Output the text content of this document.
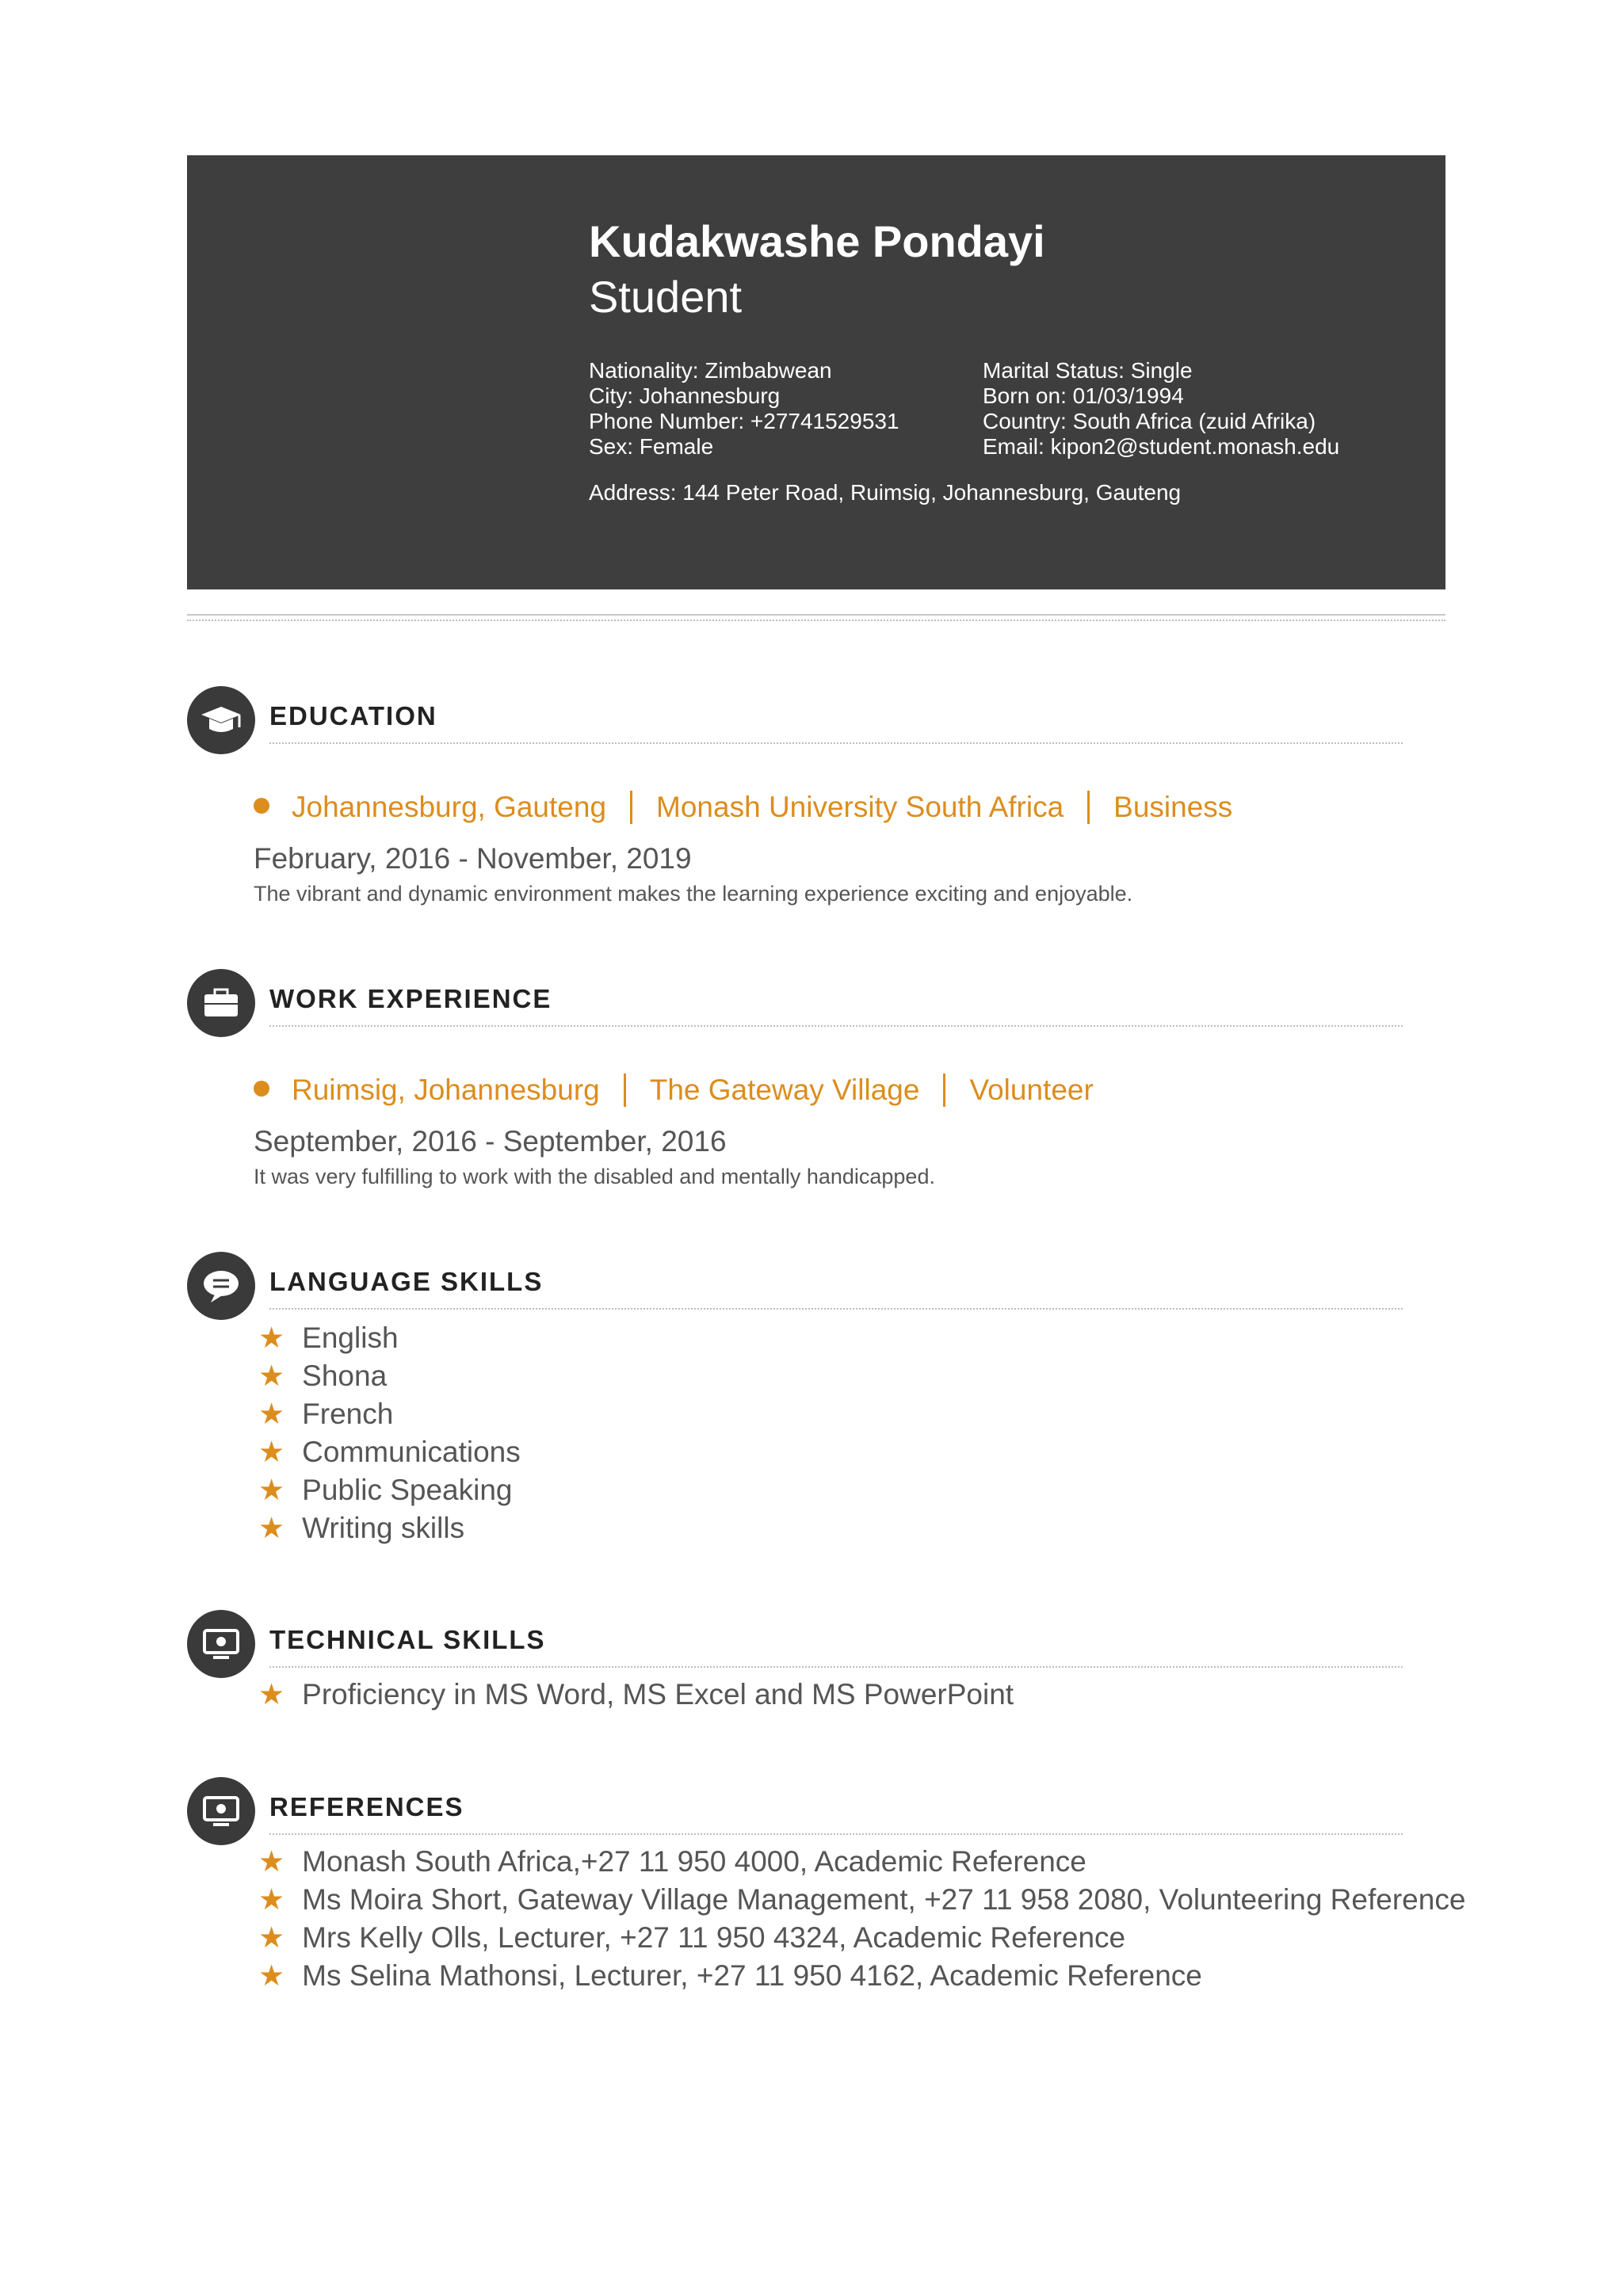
Kudakwashe Pondayi
Student
Nationality: Zimbabwean
City: Johannesburg
Phone Number: +27741529531
Sex: Female
Marital Status: Single
Born on: 01/03/1994
Country: South Africa (zuid Afrika)
Email: kipon2@student.monash.edu
Address: 144 Peter Road, Ruimsig, Johannesburg, Gauteng
EDUCATION
Johannesburg, Gauteng Monash University South Africa Business
February, 2016 - November, 2019
The vibrant and dynamic environment makes the learning experience exciting and enjoyable.
WORK EXPERIENCE
Ruimsig, Johannesburg The Gateway Village Volunteer
September, 2016 - September, 2016
It was very fulfilling to work with the disabled and mentally handicapped.
LANGUAGE SKILLS
★ English
★ Shona
★ French
★ Communications
★ Public Speaking
★ Writing skills
TECHNICAL SKILLS
★ Proficiency in MS Word, MS Excel and MS PowerPoint
REFERENCES
★ Monash South Africa,+27 11 950 4000, Academic Reference
★ Ms Moira Short, Gateway Village Management, +27 11 958 2080, Volunteering Reference
★ Mrs Kelly Olls, Lecturer, +27 11 950 4324, Academic Reference
★ Ms Selina Mathonsi, Lecturer, +27 11 950 4162, Academic Reference
